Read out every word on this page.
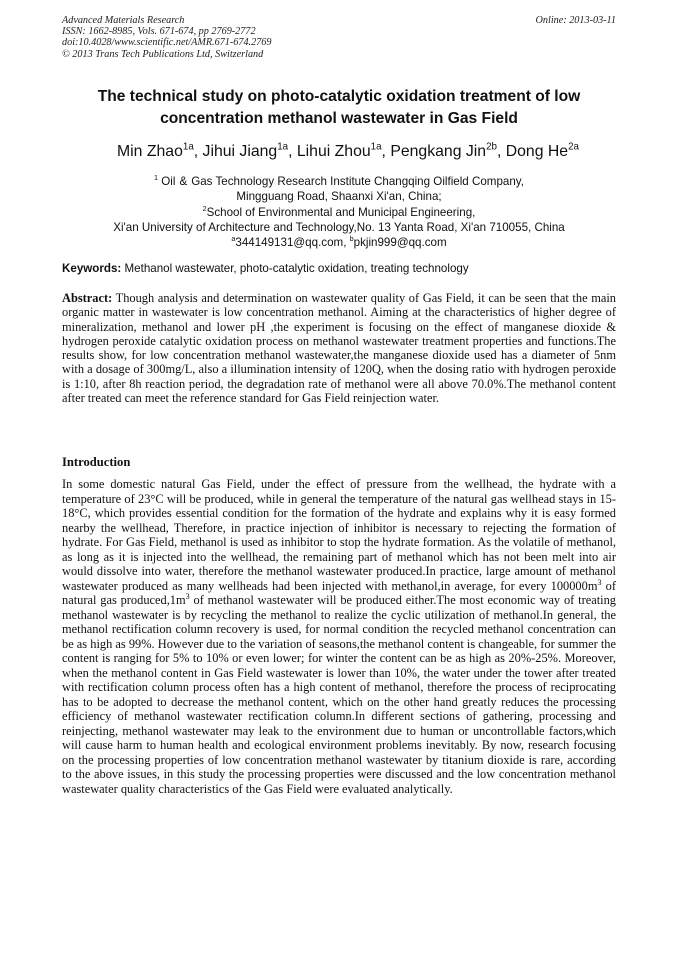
Advanced Materials Research
ISSN: 1662-8985, Vols. 671-674, pp 2769-2772
doi:10.4028/www.scientific.net/AMR.671-674.2769
© 2013 Trans Tech Publications Ltd, Switzerland
Online: 2013-03-11
The technical study on photo-catalytic oxidation treatment of low
concentration methanol wastewater in Gas Field
Min Zhao$^{1a}$, Jihui Jiang$^{1a}$, Lihui Zhou$^{1a}$, Pengkang Jin$^{2b}$, Dong $He^{2a}$
$^1$ Oil & Gas Technology Research Institute Changqing Oilfield Company,
Mingguang Road, Shaanxi Xi'an, China;
$^2$School of Environmental and Municipal Engineering,
Xi'an University of Architecture and Technology,No. 13 Yanta Road, Xi'an 710055, China
$^a$344149131@qq.com, $^b$pkjin999@qq.com
Keywords: Methanol wastewater, photo-catalytic oxidation, treating technology
Abstract: Though analysis and determination on wastewater quality of Gas Field, it can be seen that the main organic matter in wastewater is low concentration methanol. Aiming at the characteristics of higher degree of mineralization, methanol and lower pH ,the experiment is focusing on the effect of manganese dioxide & hydrogen peroxide catalytic oxidation process on methanol wastewater treatment properties and functions.The results show, for low concentration methanol wastewater,the manganese dioxide used has a diameter of 5nm with a dosage of 300mg/L, also a illumination intensity of 120Q, when the dosing ratio with hydrogen peroxide is 1:10, after 8h reaction period, the degradation rate of methanol were all above 70.0%.The methanol content after treated can meet the reference standard for Gas Field reinjection water.
Introduction
In some domestic natural Gas Field, under the effect of pressure from the wellhead, the hydrate with a temperature of 23°C will be produced, while in general the temperature of the natural gas wellhead stays in 15-18°C, which provides essential condition for the formation of the hydrate and explains why it is easy formed nearby the wellhead, Therefore, in practice injection of inhibitor is necessary to rejecting the formation of hydrate. For Gas Field, methanol is used as inhibitor to stop the hydrate formation. As the volatile of methanol, as long as it is injected into the wellhead, the remaining part of methanol which has not been melt into air would dissolve into water, therefore the methanol wastewater produced.In practice, large amount of methanol wastewater produced as many wellheads had been injected with methanol,in average, for every $100000m^3$ of natural gas $produced,1m^3$ of methanol wastewater will be produced either.The most economic way of treating methanol wastewater is by recycling the methanol to realize the cyclic utilization of methanol.In general, the methanol rectification column recovery is used, for normal condition the recycled methanol concentration can be as high as 99%. However due to the variation of seasons,the methanol content is changeable, for summer the content is ranging for 5% to 10% or even lower; for winter the content can be as high as 20%-25%. Moreover, when the methanol content in Gas Field wastewater is lower than 10%, the water under the tower after treated with rectification column process often has a high content of methanol, therefore the process of reciprocating has to be adopted to decrease the methanol content, which on the other hand greatly reduces the processing efficiency of methanol wastewater rectification column.In different sections of gathering, processing and reinjecting, methanol wastewater may leak to the environment due to human or uncontrollable factors,which will cause harm to human health and ecological environment problems inevitably. By now, research focusing on the processing properties of low concentration methanol wastewater by titanium dioxide is rare, according to the above issues, in this study the processing properties were discussed and the low concentration methanol wastewater quality characteristics of the Gas Field were evaluated analytically.
